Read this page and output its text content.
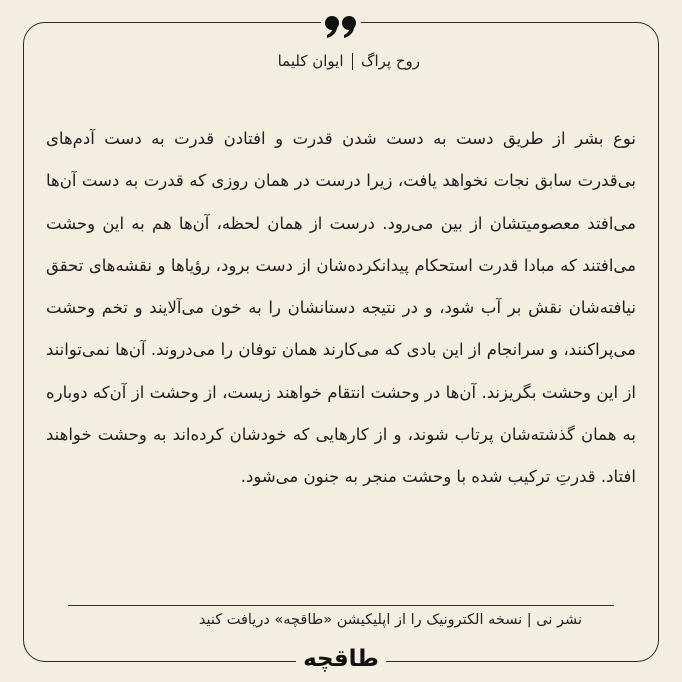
روح پراگ
ایوان کلیما
نوع بشر از طریق دست به دست شدن قدرت و افتادن قدرت به دست آدم‌های بی‌قدرت سابق نجات نخواهد یافت، زیرا درست در همان روزی که قدرت به دست آن‌ها می‌افتد معصومیتشان از بین می‌رود. درست از همان لحظه، آن‌ها هم به این وحشت می‌افتند که مبادا قدرت استحکام پیدانکرده‌شان از دست برود، رؤیاها و نقشه‌های تحقق نیافته‌شان نقش بر آب شود، و در نتیجه دستانشان را به خون می‌آلایند و تخم وحشت می‌پراکنند، و سرانجام از این بادی که می‌کارند همان توفان را می‌دروند. آن‌ها نمی‌توانند از این وحشت بگریزند. آن‌ها در وحشت انتقام خواهند زیست، از وحشت از آن‌که دوباره به همان گذشته‌شان پرتاب شوند، و از کارهایی که خودشان کرده‌اند به وحشت خواهند افتاد. قدرتِ ترکیب شده با وحشت منجر به جنون می‌شود.
نشر نی | نسخه الکترونیک را از اپلیکیشن «طاقچه» دریافت کنید
طاقچه
